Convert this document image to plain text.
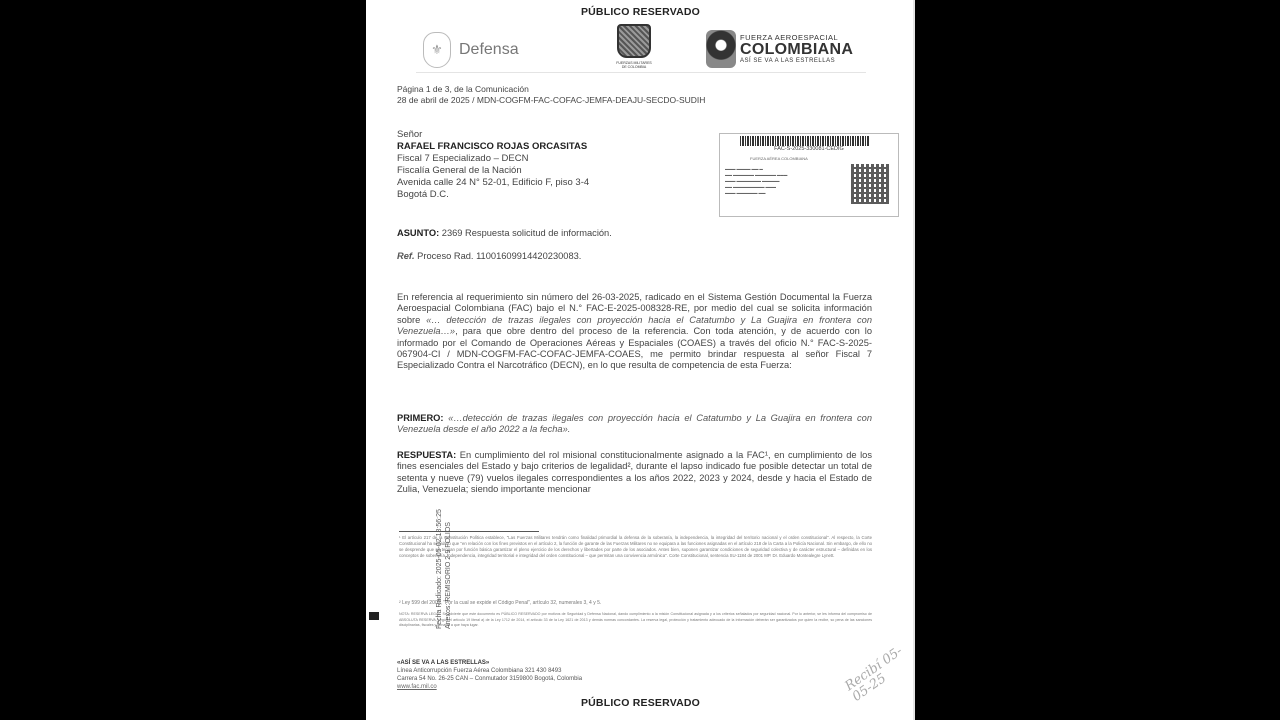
PÚBLICO RESERVADO
⚜	Defensa
FUERZAS MILITARES DE COLOMBIA
FUERZA AEROESPACIAL
COLOMBIANA
ASÍ SE VA A LAS ESTRELLAS
Página 1 de 3, de la Comunicación
28 de abril de 2025 / MDN-COGFM-FAC-COFAC-JEMFA-DEAJU-SECDO-SUDIH
Señor
RAFAEL FRANCISCO ROJAS ORCASITAS
Fiscal 7 Especializado – DECN
Fiscalía General de la Nación
Avenida calle 24 N° 52-01, Edificio F, piso 3-4
Bogotá D.C.
FAC-S-2025-330081-CEDIG
FUERZA AÉREA COLOMBIANA
▬▬▬ ▬▬▬▬ ▬▬ ▬
▬▬ ▬▬▬▬▬▬ ▬▬▬▬▬▬ ▬▬▬
▬▬▬ ▬▬▬▬▬▬▬ ▬▬▬▬▬
▬▬ ▬▬▬▬▬▬▬▬▬ ▬▬▬
▬▬▬ ▬▬▬▬▬▬ ▬▬
ASUNTO: 2369 Respuesta solicitud de información.
Ref. Proceso Rad. 11001609914420230083.
En referencia al requerimiento sin número del 26-03-2025, radicado en el Sistema Gestión Documental la Fuerza Aeroespacial Colombiana (FAC) bajo el N.° FAC-E-2025-008328-RE, por medio del cual se solicita información sobre «… detección de trazas ilegales con proyección hacia el Catatumbo y La Guajira en frontera con Venezuela…», para que obre dentro del proceso de la referencia. Con toda atención, y de acuerdo con lo informado por el Comando de Operaciones Aéreas y Espaciales (COAES) a través del oficio N.° FAC-S-2025-067904-CI / MDN-COGFM-FAC-COFAC-JEMFA-COAES, me permito brindar respuesta al señor Fiscal 7 Especializado Contra el Narcotráfico (DECN), en lo que resulta de competencia de esta Fuerza:
PRIMERO: «…detección de trazas ilegales con proyección hacia el Catatumbo y La Guajira en frontera con Venezuela desde el año 2022 a la fecha».
RESPUESTA: En cumplimiento del rol misional constitucionalmente asignado a la FAC¹, en cumplimiento de los fines esenciales del Estado y bajo criterios de legalidad², durante el lapso indicado fue posible detectar un total de setenta y nueve (79) vuelos ilegales correspondientes a los años 2022, 2023 y 2024, desde y hacia el Estado de Zulia, Venezuela; siendo importante mencionar
¹ El artículo 217 de la Constitución Política establece, "Las Fuerzas Militares tendrán como finalidad primordial la defensa de la soberanía, la independencia, la integridad del territorio nacional y el orden constitucional". Al respecto, la Corte Constitucional ha señalado que "en relación con los fines previstos en el artículo 2, la función de garante de las Fuerzas Militares no se equipara a las funciones asignadas en el artículo 218 de la Carta a la Policía Nacional. Sin embargo, de ello no se desprende que no tengan por función básica garantizar el pleno ejercicio de los derechos y libertades por parte de los asociados. Antes bien, suponen garantizar condiciones de seguridad colectiva y de carácter estructural – definidas en los conceptos de soberanía, independencia, integridad territorial e integridad del orden constitucional – que permitan una convivencia armónica". Corte Constitucional, sentencia SU-1184 de 2001 MP. Dr. Eduardo Montealegre Lynett.
² Ley 599 del 2000, "Por la cual se expide el Código Penal", artículo 32, numerales 3, 4 y 5.
NOTA: RESERVA LEGAL. Se advierte que este documento es PÚBLICO RESERVADO por motivos de Seguridad y Defensa Nacional, dando cumplimiento a la misión Constitucional asignada y a los criterios señalados por seguridad nacional. Por lo anterior, se les informa del compromiso de ABSOLUTA RESERVA, según el artículo 19 literal a) de la Ley 1712 de 2014, el artículo 33 de la Ley 1621 de 2013 y demás normas concordantes. La reserva legal, protección y tratamiento adecuado de la información deberán ser garantizados por quien la recibe, so pena de las sanciones disciplinarias, fiscales y penales a que haya lugar.
«ASÍ SE VA A LAS ESTRELLAS»
Línea Anticorrupción Fuerza Aérea Colombiana 321 430 8493
Carrera 54 No. 26-25 CAN – Conmutador 3159800 Bogotá, Colombia
www.fac.mil.co
PÚBLICO RESERVADO
Fecha Radicado: 2025-05-02 13:56:25 Anexos: REMISORIO 2-9 FOLIOS
Recibí 05-05-25
